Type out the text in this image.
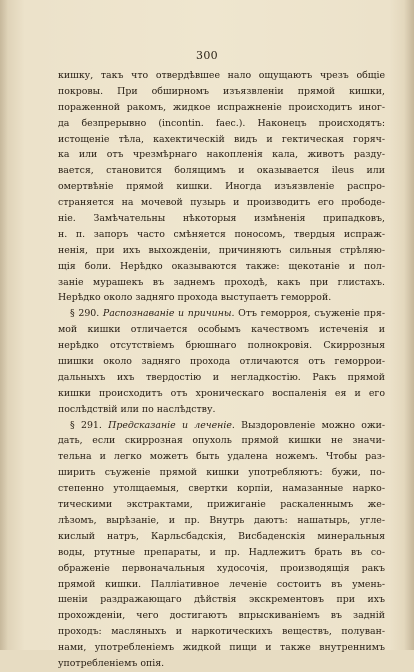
300
кишку, такъ что отвердѣвшее нало ощущаютъ чрезъ общіе
покровы. При обширномъ изъязвленіи прямой кишки,
пораженной ракомъ, жидкое испражненіе происходитъ иног-
да безпрерывно (incontin. faec.). Наконецъ происходятъ:
истощеніе тѣла, кахектическій видъ и гектическая горяч-
ка или отъ чрезмѣрнаго накопленія кала, животъ разду-
вается, становится болящимъ и оказывается ileus или
омертвѣніе прямой кишки. Иногда изъязвленіе распро-
страняется на мочевой пузырь и производитъ его прободе-
ніе. Замѣчательны нѣкоторыя измѣненія припадковъ,
н. п. запоръ часто смѣняется поносомъ, твердыя испраж-
ненія, при ихъ выхожденіи, причиняютъ сильныя стрѣляю-
щія боли. Нерѣдко оказываются также: щекотаніе и пол-
заніе мурашекъ въ заднемъ проходѣ, какъ при глистахъ.
Нерѣдко около задняго прохода выступаетъ геморрой.
§ 290. Распознаваніе и причины. Отъ геморроя, съуженіе пря-
мой кишки отличается особымъ качествомъ истеченія и
нерѣдко отсутствіемъ брюшнаго полнокровія. Скиррозныя
шишки около задняго прохода отличаются отъ геморрои-
дальныхъ ихъ твердостію и негладкостію. Ракъ прямой
кишки происходитъ отъ хроническаго воспаленія ея и его
послѣдствій или по наслѣдству.
§ 291. Предсказаніе и леченіе. Выздоровленіе можно ожи-
дать, если скиррозная опухоль прямой кишки не значи-
тельна и легко можетъ быть удалена ножемъ. Чтобы раз-
ширить съуженіе прямой кишки употребляютъ: бужи, по-
степенно утолщаемыя, свертки корпіи, намазанные нарко-
тическими экстрактами, прижиганіе раскаленнымъ же-
лѣзомъ, вырѣзаніе, и пр. Внутрь даютъ: нашатырь, угле-
кислый натръ, Карльсбадскія, Висбаденскія минеральныя
воды, ртутные препараты, и пр. Надлежитъ брать въ со-
ображеніе первоначальныя худосочія, производящія ракъ
прямой кишки. Палліативное леченіе состоитъ въ умень-
шеніи раздражающаго дѣйствія экскрементовъ при ихъ
прохожденіи, чего достигаютъ впрыскиваніемъ въ задній
проходъ: масляныхъ и наркотическихъ веществъ, полуван-
нами, употребленіемъ жидкой пищи и также внутреннимъ
употребленіемъ опія.
